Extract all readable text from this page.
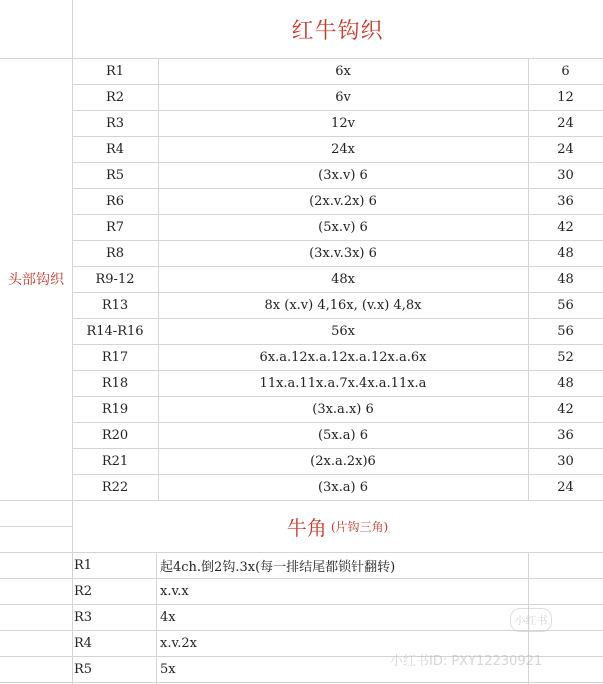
红牛钩织
头部钩织
R1	6x	6
R2	6v	12
R3	12v	24
R4	24x	24
R5	(3x.v) 6	30
R6	(2x.v.2x) 6	36
R7	(5x.v) 6	42
R8	(3x.v.3x) 6	48
R9-12	48x	48
R13	8x (x.v) 4,16x, (v.x) 4,8x	56
R14-R16	56x	56
R17	6x.a.12x.a.12x.a.12x.a.6x	52
R18	11x.a.11x.a.7x.4x.a.11x.a	48
R19	(3x.a.x) 6	42
R20	(5x.a) 6	36
R21	(2x.a.2x)6	30
R22	(3x.a) 6	24
牛角 (片钩三角)
R1	起4ch.倒2钩.3x(每一排结尾都锁针翻转)
R2	x.v.x
R3	4x
R4	x.v.2x
R5	5x
小红书
小红书ID: PXY12230921
